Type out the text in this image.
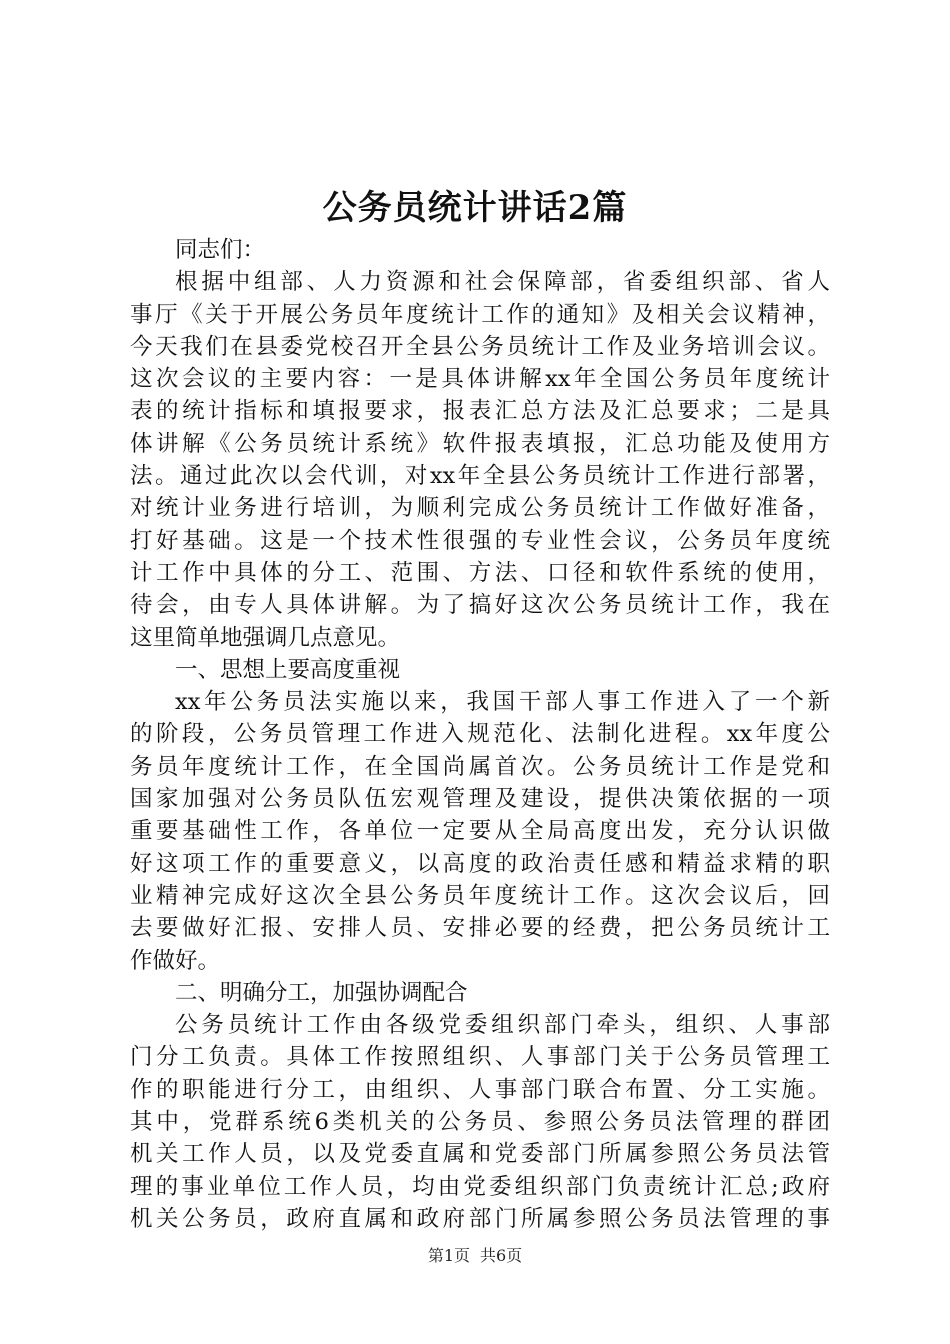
公务员统计讲话2篇
同志们：
根据中组部、人力资源和社会保障部，省委组织部、省人
事厅《关于开展公务员年度统计工作的通知》及相关会议精神，
今天我们在县委党校召开全县公务员统计工作及业务培训会议。
这次会议的主要内容：一是具体讲解xx年全国公务员年度统计
表的统计指标和填报要求，报表汇总方法及汇总要求；二是具
体讲解《公务员统计系统》软件报表填报，汇总功能及使用方
法。通过此次以会代训，对xx年全县公务员统计工作进行部署，
对统计业务进行培训，为顺利完成公务员统计工作做好准备，
打好基础。这是一个技术性很强的专业性会议，公务员年度统
计工作中具体的分工、范围、方法、口径和软件系统的使用，
待会，由专人具体讲解。为了搞好这次公务员统计工作，我在
这里简单地强调几点意见。
一、思想上要高度重视
xx年公务员法实施以来，我国干部人事工作进入了一个新
的阶段，公务员管理工作进入规范化、法制化进程。xx年度公
务员年度统计工作，在全国尚属首次。公务员统计工作是党和
国家加强对公务员队伍宏观管理及建设，提供决策依据的一项
重要基础性工作，各单位一定要从全局高度出发，充分认识做
好这项工作的重要意义，以高度的政治责任感和精益求精的职
业精神完成好这次全县公务员年度统计工作。这次会议后，回
去要做好汇报、安排人员、安排必要的经费，把公务员统计工
作做好。
二、明确分工，加强协调配合
公务员统计工作由各级党委组织部门牵头，组织、人事部
门分工负责。具体工作按照组织、人事部门关于公务员管理工
作的职能进行分工，由组织、人事部门联合布置、分工实施。
其中，党群系统6类机关的公务员、参照公务员法管理的群团
机关工作人员，以及党委直属和党委部门所属参照公务员法管
理的事业单位工作人员，均由党委组织部门负责统计汇总;政府
机关公务员，政府直属和政府部门所属参照公务员法管理的事
第1页 共6页
